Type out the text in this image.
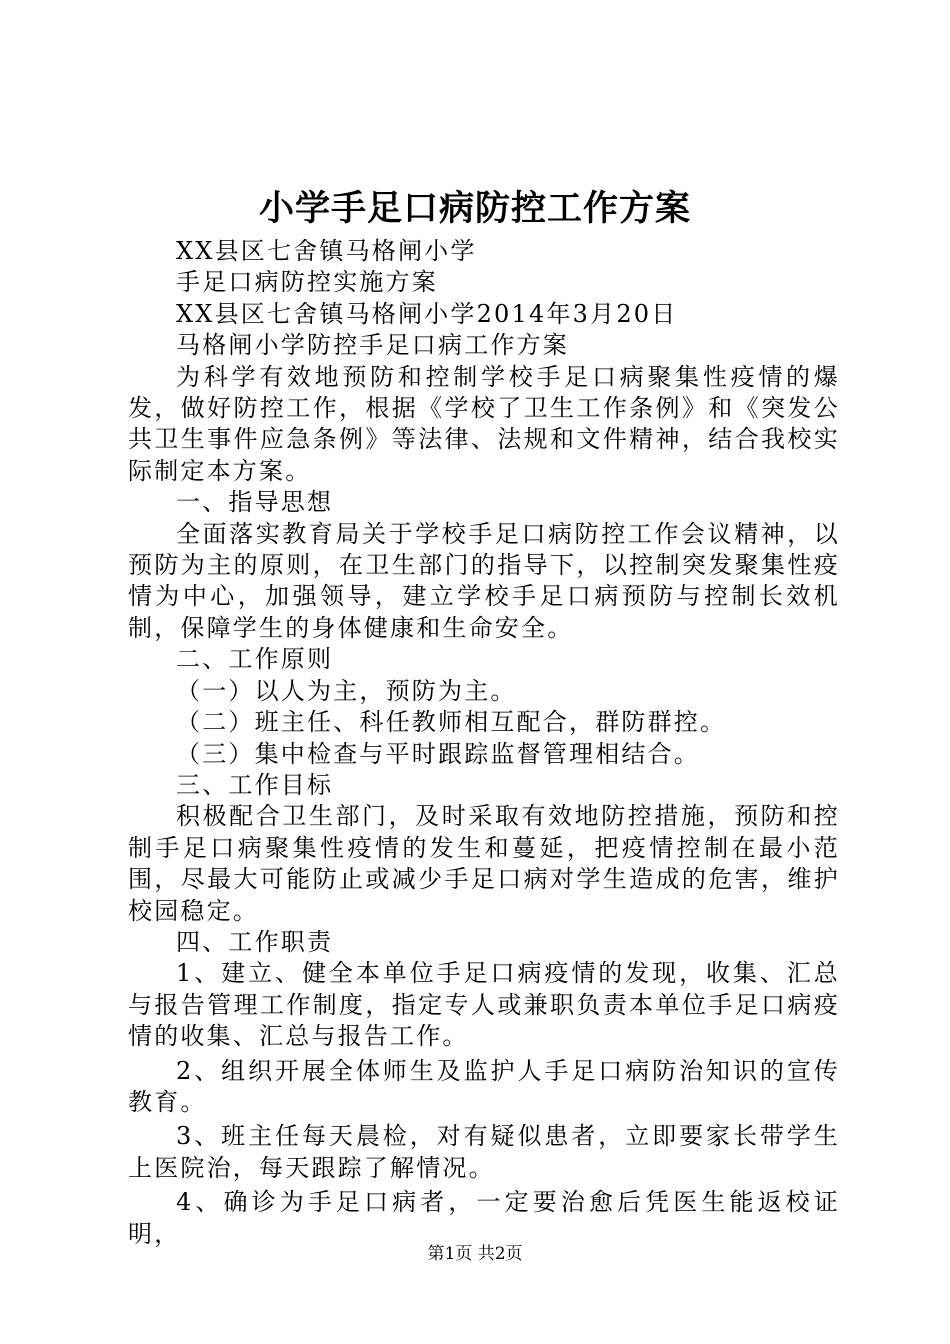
小学手足口病防控工作方案

XX县区七舍镇马格闸小学

手足口病防控实施方案

XX县区七舍镇马格闸小学2014年3月20日

马格闸小学防控手足口病工作方案

为科学有效地预防和控制学校手足口病聚集性疫情的爆发，做好防控工作，根据《学校了卫生工作条例》和《突发公共卫生事件应急条例》等法律、法规和文件精神，结合我校实际制定本方案。

一、指导思想

全面落实教育局关于学校手足口病防控工作会议精神，以预防为主的原则，在卫生部门的指导下，以控制突发聚集性疫情为中心，加强领导，建立学校手足口病预防与控制长效机制，保障学生的身体健康和生命安全。

二、工作原则

（一）以人为主，预防为主。

（二）班主任、科任教师相互配合，群防群控。

（三）集中检查与平时跟踪监督管理相结合。

三、工作目标

积极配合卫生部门，及时采取有效地防控措施，预防和控制手足口病聚集性疫情的发生和蔓延，把疫情控制在最小范围，尽最大可能防止或减少手足口病对学生造成的危害，维护校园稳定。

四、工作职责

1、建立、健全本单位手足口病疫情的发现，收集、汇总与报告管理工作制度，指定专人或兼职负责本单位手足口病疫情的收集、汇总与报告工作。

2、组织开展全体师生及监护人手足口病防治知识的宣传教育。

3、班主任每天晨检，对有疑似患者，立即要家长带学生上医院治，每天跟踪了解情况。

4、确诊为手足口病者，一定要治愈后凭医生能返校证明，

第1页 共2页
